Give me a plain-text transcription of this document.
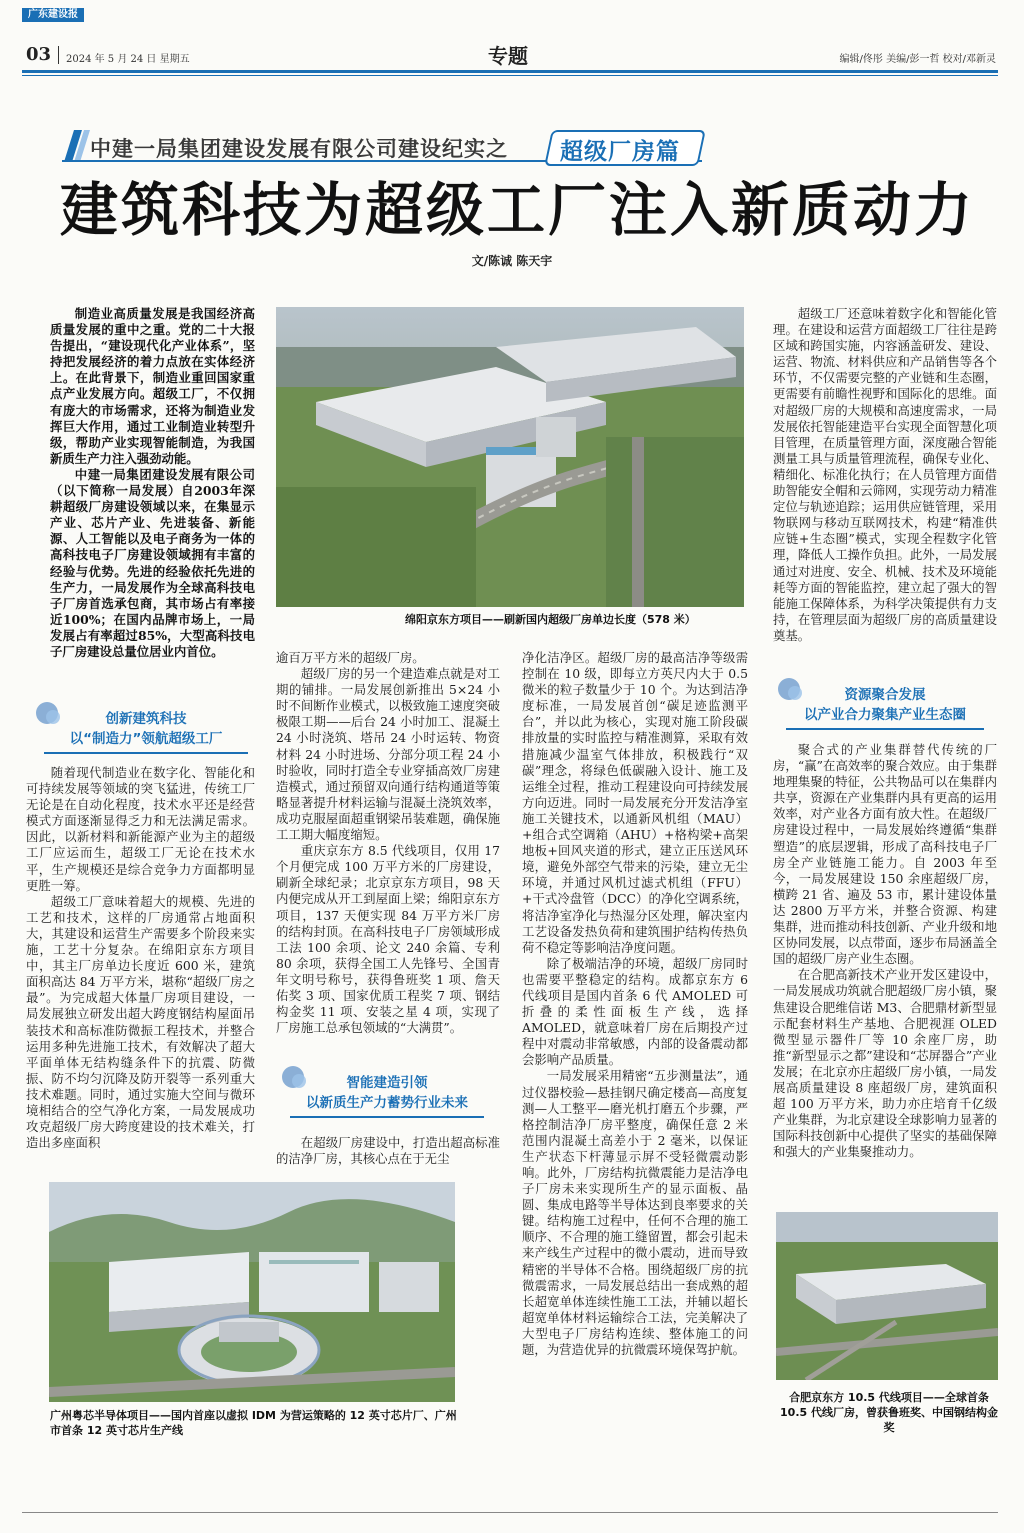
广东建设报
03 2024 年 5 月 24 日 星期五	专题	编辑/佟彤 美编/彭一哲 校对/邓新灵
中建一局集团建设发展有限公司建设纪实之 超级厂房篇
建筑科技为超级工厂注入新质动力
文/陈诚 陈天宇

制造业高质量发展是我国经济高质量发展的重中之重。党的二十大报告提出，“建设现代化产业体系”，坚持把发展经济的着力点放在实体经济上。在此背景下，制造业重回国家重点产业发展方向。超级工厂，不仅拥有庞大的市场需求，还将为制造业发挥巨大作用，通过工业制造业转型升级，帮助产业实现智能制造，为我国新质生产力注入强劲动能。

中建一局集团建设发展有限公司（以下简称一局发展）自2003年深耕超级厂房建设领域以来，在集显示产业、芯片产业、先进装备、新能源、人工智能以及电子商务为一体的高科技电子厂房建设领域拥有丰富的经验与优势。先进的经验依托先进的生产力，一局发展作为全球高科技电子厂房首选承包商，其市场占有率接近100%；在国内品牌市场上，一局发展占有率超过85%，大型高科技电子厂房建设总量位居业内首位。

绵阳京东方项目——刷新国内超级厂房单边长度（578 米）
创新建筑科技
以“制造力”领航超级工厂

随着现代制造业在数字化、智能化和可持续发展等领域的突飞猛进，传统工厂无论是在自动化程度，技术水平还是经营模式方面逐渐显得乏力和无法满足需求。因此，以新材料和新能源产业为主的超级工厂应运而生，超级工厂无论在技术水平，生产规模还是综合竞争力方面都明显更胜一筹。

超级工厂意味着超大的规模、先进的工艺和技术，这样的厂房通常占地面积大，其建设和运营生产需要多个阶段来实施，工艺十分复杂。在绵阳京东方项目中，其主厂房单边长度近 600 米，建筑面积高达 84 万平方米，堪称“超级厂房之最”。为完成超大体量厂房项目建设，一局发展独立研发出超大跨度钢结构屋面吊装技术和高标准防微振工程技术，并整合运用多种先进施工技术，有效解决了超大平面单体无结构缝条件下的抗震、防微振、防不均匀沉降及防开裂等一系列重大技术难题。同时，通过实施大空间与微环境相结合的空气净化方案，一局发展成功攻克超级厂房大跨度建设的技术难关，打造出多座面积

逾百万平方米的超级厂房。

超级厂房的另一个建造难点就是对工期的铺排。一局发展创新推出 5×24 小时不间断作业模式，以极致施工速度突破极限工期——后台 24 小时加工、混凝土 24 小时浇筑、塔吊 24 小时运转、物资材料 24 小时进场、分部分项工程 24 小时验收，同时打造全专业穿插高效厂房建造模式，通过预留双向通行结构通道等策略显著提升材料运输与混凝土浇筑效率，成功克服屋面超重钢梁吊装难题，确保施工工期大幅度缩短。

重庆京东方 8.5 代线项目，仅用 17 个月便完成 100 万平方米的厂房建设，刷新全球纪录；北京京东方项目，98 天内便完成从开工到屋面上梁；绵阳京东方项目，137 天便实现 84 万平方米厂房的结构封顶。在高科技电子厂房领域形成工法 100 余项、论文 240 余篇、专利 80 余项，获得全国工人先锋号、全国青年文明号称号，获得鲁班奖 1 项、詹天佑奖 3 项、国家优质工程奖 7 项、钢结构金奖 11 项、安装之星 4 项，实现了厂房施工总承包领域的“大满贯”。

智能建造引领
以新质生产力蓄势行业未来

在超级厂房建设中，打造出超高标准的洁净厂房，其核心点在于无尘

净化洁净区。超级厂房的最高洁净等级需控制在 10 级，即每立方英尺内大于 0.5 微米的粒子数量少于 10 个。为达到洁净度标准，一局发展首创“碳足迹监测平台”，并以此为核心，实现对施工阶段碳排放量的实时监控与精准测算，采取有效措施减少温室气体排放，积极践行“双碳”理念，将绿色低碳融入设计、施工及运维全过程，推动工程建设向可持续发展方向迈进。同时一局发展充分开发洁净室施工关键技术，以通新风机组（MAU）+组合式空调箱（AHU）+格构梁+高架地板+回风夹道的形式，建立正压送风环境，避免外部空气带来的污染，建立无尘环境，并通过风机过滤式机组（FFU）+干式冷盘管（DCC）的净化空调系统，将洁净室净化与热湿分区处理，解决室内工艺设备发热负荷和建筑围护结构传热负荷不稳定等影响洁净度问题。

除了极端洁净的环境，超级厂房同时也需要平整稳定的结构。成都京东方 6 代线项目是国内首条 6 代 AMOLED 可折叠的柔性面板生产线，选择 AMOLED，就意味着厂房在后期投产过程中对震动非常敏感，内部的设备震动都会影响产品质量。

一局发展采用精密“五步测量法”，通过仪器校验—悬挂钢尺确定楼高—高度复测—人工整平—磨光机打磨五个步骤，严格控制洁净厂房平整度，确保任意 2 米范围内混凝土高差小于 2 毫米，以保证生产状态下杆薄显示屏不受轻微震动影响。此外，厂房结构抗微震能力是洁净电子厂房未来实现所生产的显示面板、晶圆、集成电路等半导体达到良率要求的关键。结构施工过程中，任何不合理的施工顺序、不合理的施工缝留置，都会引起未来产线生产过程中的微小震动，进而导致精密的半导体不合格。围绕超级厂房的抗微震需求，一局发展总结出一套成熟的超长超宽单体连续性施工工法，并辅以超长超宽单体材料运输综合工法，完美解决了大型电子厂房结构连续、整体施工的问题，为营造优异的抗微震环境保驾护航。

超级工厂还意味着数字化和智能化管理。在建设和运营方面超级工厂往往是跨区域和跨国实施，内容涵盖研发、建设、运营、物流、材料供应和产品销售等各个环节，不仅需要完整的产业链和生态圈，更需要有前瞻性视野和国际化的思维。面对超级厂房的大规模和高速度需求，一局发展依托智能建造平台实现全面智慧化项目管理，在质量管理方面，深度融合智能测量工具与质量管理流程，确保专业化、精细化、标准化执行；在人员管理方面借助智能安全帽和云筛网，实现劳动力精准定位与轨迹追踪；运用供应链管理，采用物联网与移动互联网技术，构建“精准供应链+生态圈”模式，实现全程数字化管理，降低人工操作负担。此外，一局发展通过对进度、安全、机械、技术及环境能耗等方面的智能监控，建立起了强大的智能施工保障体系，为科学决策提供有力支持，在管理层面为超级厂房的高质量建设奠基。

资源聚合发展
以产业合力聚集产业生态圈

聚合式的产业集群替代传统的厂房，“赢”在高效率的聚合效应。由于集群地理集聚的特征，公共物品可以在集群内共享，资源在产业集群内具有更高的运用效率，对产业各方面有放大性。在超级厂房建设过程中，一局发展始终遵循“集群塑造”的底层逻辑，形成了高科技电子厂房全产业链施工能力。自 2003 年至今，一局发展建设 150 余座超级厂房，横跨 21 省、遍及 53 市，累计建设体量达 2800 万平方米，并整合资源、构建集群，进而推动科技创新、产业升级和地区协同发展，以点带面，逐步布局涵盖全国的超级厂房产业生态圈。

在合肥高新技术产业开发区建设中，一局发展成功筑就合肥超级厂房小镇，聚焦建设合肥维信诺 M3、合肥鼎材新型显示配套材料生产基地、合肥视涯 OLED 微型显示器件厂等 10 余座厂房，助推“新型显示之都”建设和“芯屏器合”产业发展；在北京亦庄超级厂房小镇，一局发展高质量建设 8 座超级厂房，建筑面积超 100 万平方米，助力亦庄培育千亿级产业集群，为北京建设全球影响力显著的国际科技创新中心提供了坚实的基础保障和强大的产业集聚推动力。

广州粤芯半导体项目——国内首座以虚拟 IDM 为营运策略的 12 英寸芯片厂、广州市首条 12 英寸芯片生产线
合肥京东方 10.5 代线项目——全球首条 10.5 代线厂房，曾获鲁班奖、中国钢结构金奖
